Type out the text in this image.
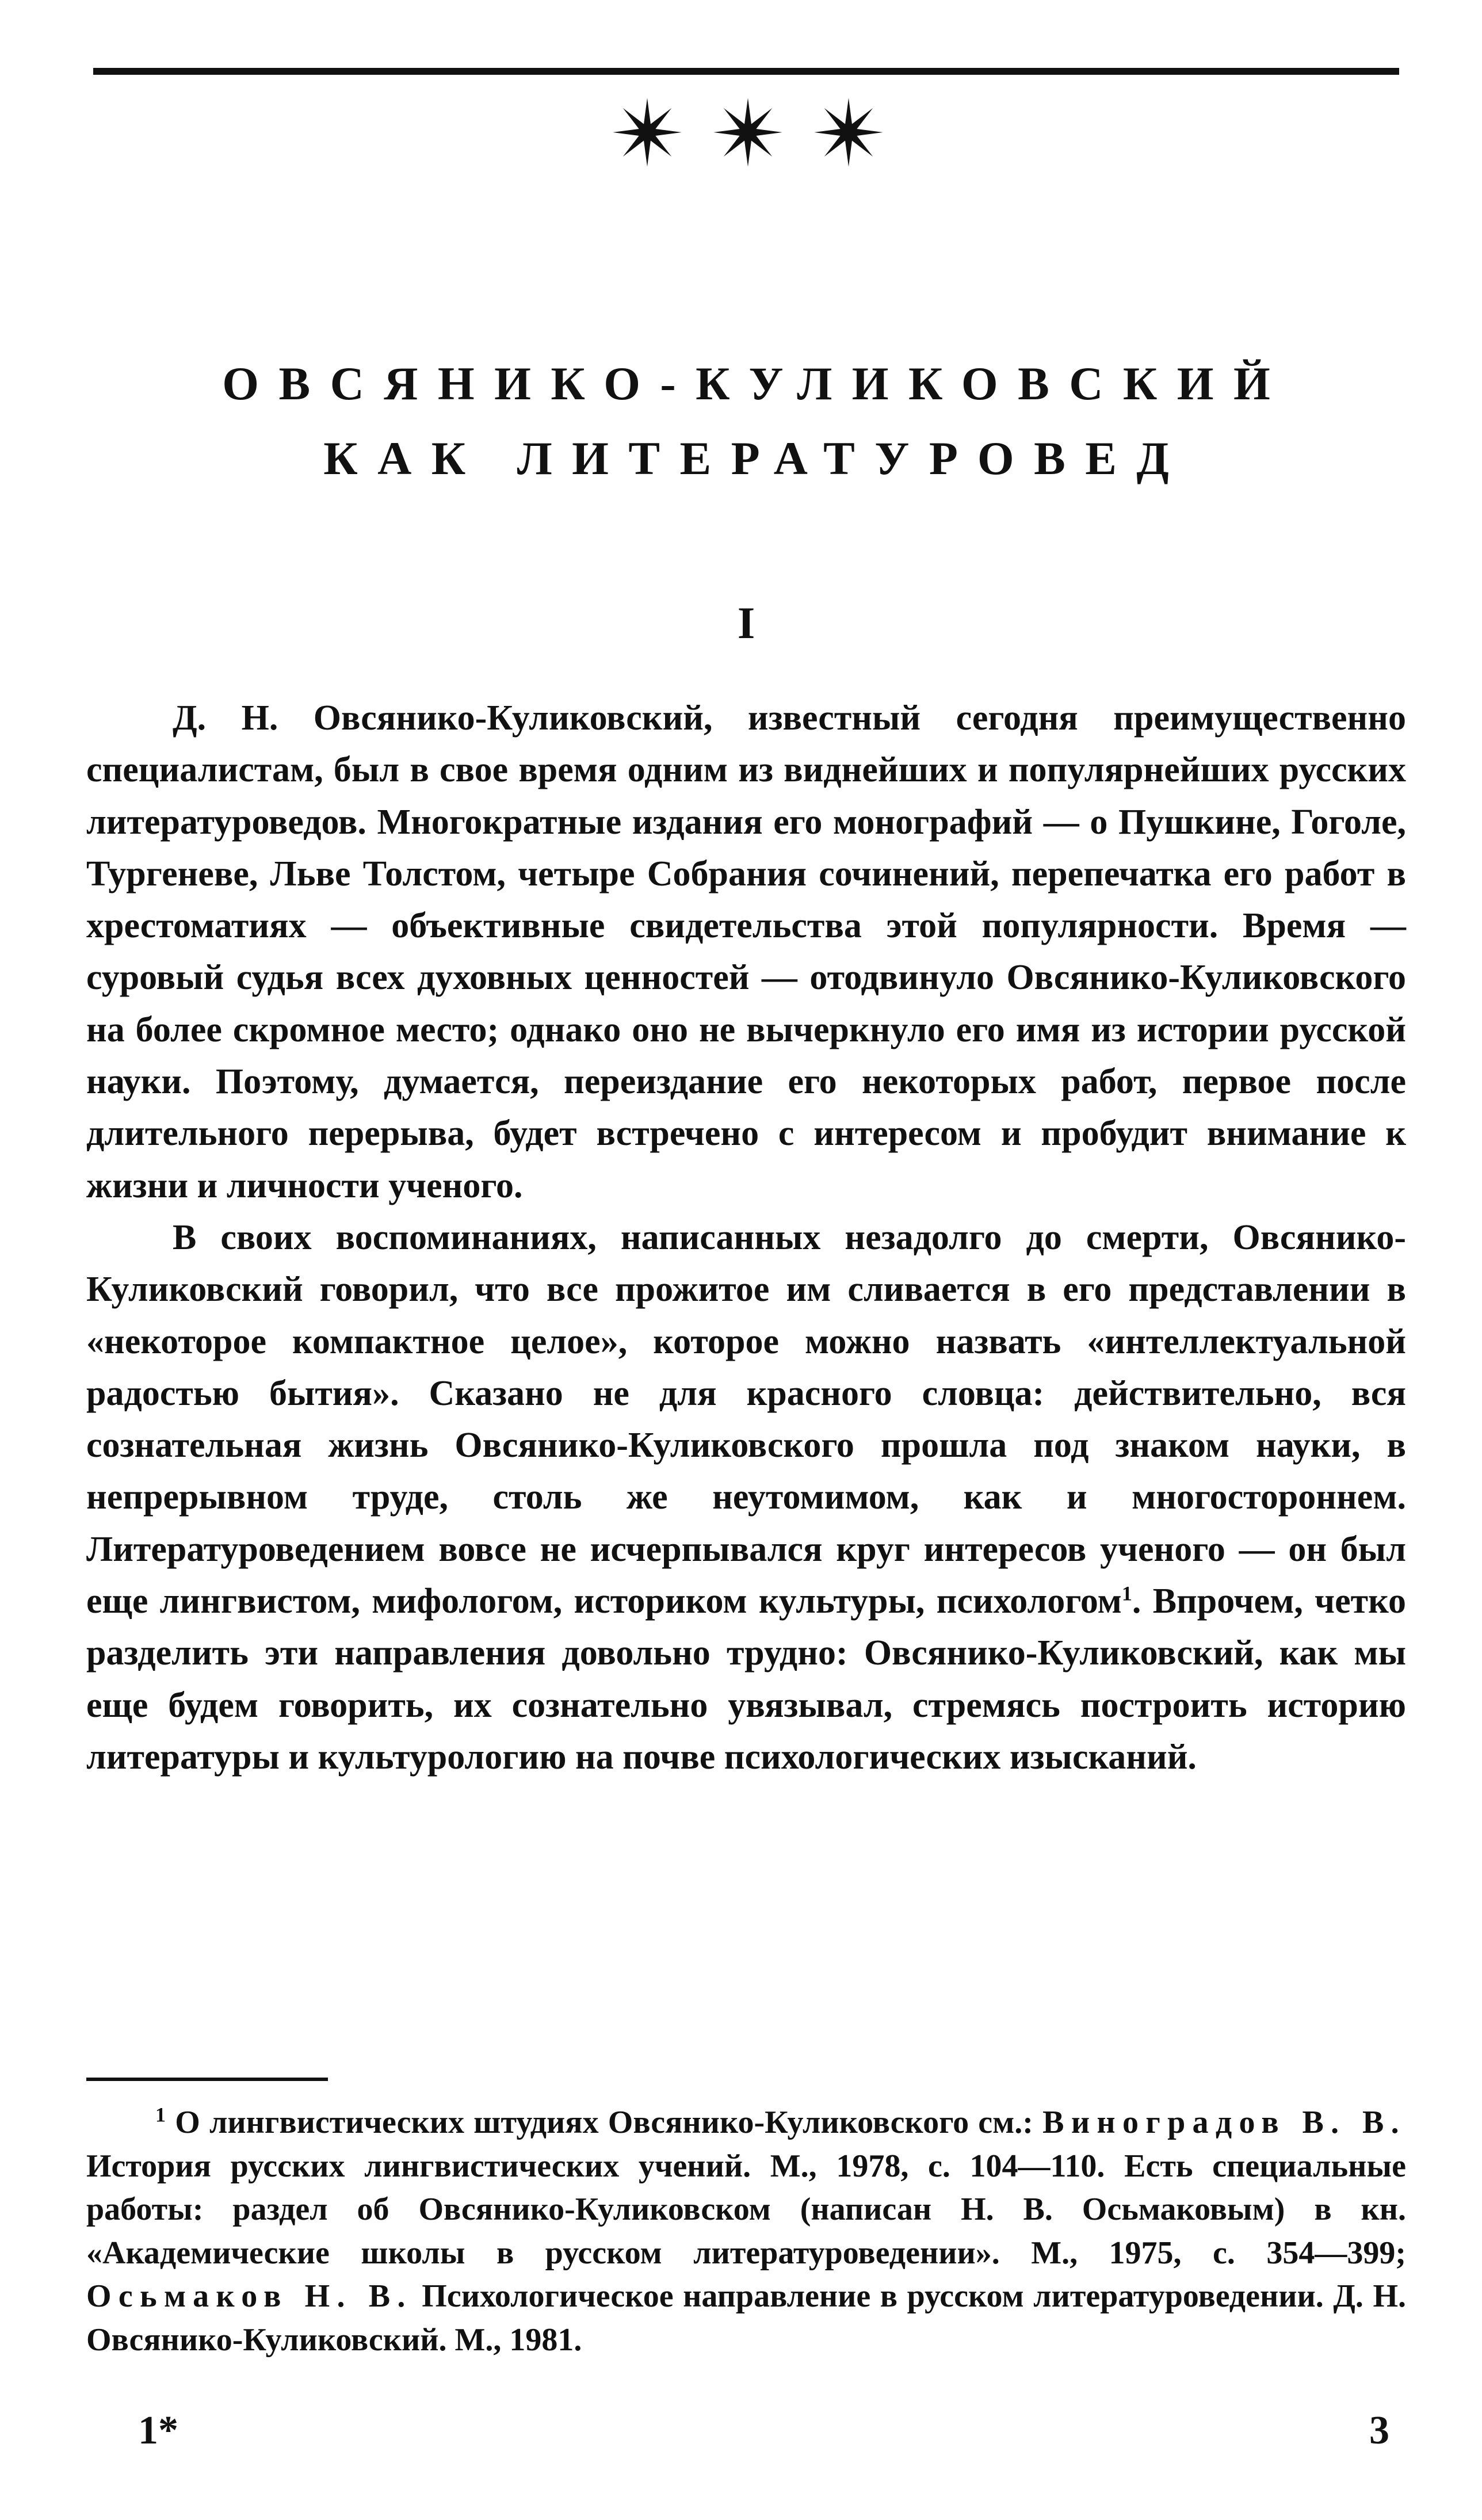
ОВСЯНИКО-КУЛИКОВСКИЙ
КАК ЛИТЕРАТУРОВЕД
I

Д. Н. Овсянико-Куликовский, известный сегодня преимущественно специалистам, был в свое время одним из виднейших и популярнейших русских литературоведов. Многократные издания его монографий — о Пушкине, Гоголе, Тургеневе, Льве Толстом, четыре Собрания сочинений, перепечатка его работ в хрестоматиях — объективные свидетельства этой популярности. Время — суровый судья всех духовных ценностей — отодвинуло Овсянико-Куликовского на более скромное место; однако оно не вычеркнуло его имя из истории русской науки. Поэтому, думается, переиздание его некоторых работ, первое после длительного перерыва, будет встречено с интересом и пробудит внимание к жизни и личности ученого.

В своих воспоминаниях, написанных незадолго до смерти, Овсянико-Куликовский говорил, что все прожитое им сливается в его представлении в «некоторое компактное целое», которое можно назвать «интеллектуальной радостью бытия». Сказано не для красного словца: действительно, вся сознательная жизнь Овсянико-Куликовского прошла под знаком науки, в непрерывном труде, столь же неутомимом, как и многостороннем. Литературоведением вовсе не исчерпывался круг интересов ученого — он был еще лингвистом, мифологом, историком культуры, психологом$^1$. Впрочем, четко разделить эти направления довольно трудно: Овсянико-Куликовский, как мы еще будем говорить, их сознательно увязывал, стремясь построить историю литературы и культурологию на почве психологических изысканий.

$^1$ О лингвистических штудиях Овсянико-Куликовского см.: Виноградов В. В. История русских лингвистических учений. М., 1978, с. 104—110. Есть специальные работы: раздел об Овсянико-Куликовском (написан Н. В. Осьмаковым) в кн. «Академические школы в русском литературоведении». М., 1975, с. 354—399; Осьмаков Н. В. Психологическое направление в русском литературоведении. Д. Н. Овсянико-Куликовский. М., 1981.
1*	3
